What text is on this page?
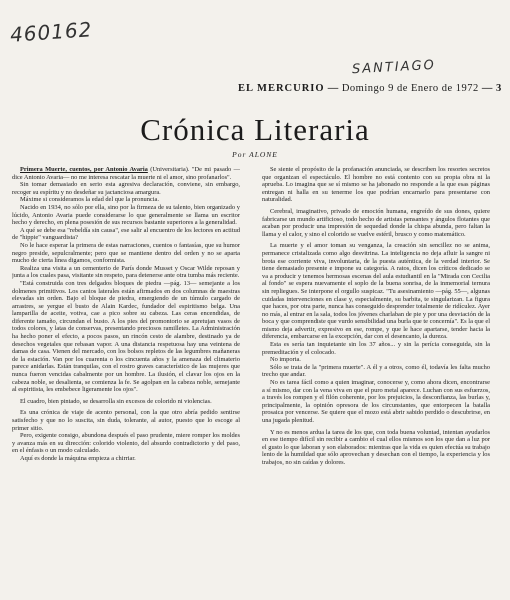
460162
SANTIAGO
EL MERCURIO — Domingo 9 de Enero de 1972 — 3
Crónica Literaria
Por ALONE

Primera Muerte, cuentos, por Antonio Avaria (Universitaria). "De mi pasado —dice Antonio Avaria— no me interesa rescatar la muerte ni el amor, sino profanarlos".

Sin tomar demasiado en serio esta agresiva declaración, conviene, sin embargo, recoger su espíritu y no desdeñar su jactanciosa amargura.

Máxime si consideramos la edad del que la pronuncia.

Nacido en 1934, no sólo por ella, sino por la firmeza de su talento, bien organizado y lúcido, Antonio Avaria puede considerarse lo que generalmente se llama un escritor hecho y derecho, en plena posesión de sus recursos bastante superiores a la generalidad.

A qué se debe esa "rebeldía sin causa", ese salir al encuentro de los lectores en actitud de "hippie" vanguardista?

No le hace esperar la primera de estas narraciones, cuentos o fantasías, que su humor negro preside, sepulcralmente; pero que se mantiene dentro del orden y no se aparta mucho de cierta línea digamos, conformista.

Realiza una visita a un cementerio de París donde Musset y Oscar Wilde reposan y junta a los cuales pasa, visitante sin respeto, para detenerse ante otra tumba más reciente.

"Está construida con tres delgados bloques de piedra —pág. 13— semejante a los dolmenes primitivos. Los cantos laterales están afirmados en dos columnas de maestras elevadas sin orden. Bajo el bloque de piedra, emergiendo de un túmulo cargado de arrastres, se yergue el busto de Alain Kardec, fundador del espiritismo belga. Una lamparilla de aceite, votiva, cae a pico sobre su cabeza. Las ceras encendidas, de diferente tamaño, circundan el busto. A los pies del promontorio se apretujan vasos de todos colores, y latas de conservas, presentando preciosos ramilletes. La Administración ha hecho poner el efecto, a pocos pasos, un rincón cesto de alambre, destinado ya de desechos vegetales que rebasan vapor. A una distancia respetuosa hay una veintena de damas de casa. Vienen del mercado, con los bolsos repletos de las legumbres mañaneras de la estación. Van por los cuarenta o los cincuenta años y la amenaza del climaterio parece anidarlas. Están tranquilas, con el rostro graves característico de las mujeres que nunca fueron vencidas cabalmente por un hombre. La ilusión, el clavar los ojos en la cabeza noble, se desalienta, se comienza la fe. Se agolpan en la cabeza noble, semejante al espiritista, les embebece ligeramente los ojos".

El cuadro, bien pintado, se desarrolla sin excesos de colorido ni violencias.

Es una crónica de viaje de acento personal, con la que otro abría pedido sentirse satisfecho y que no lo suscita, sin duda, tolerante, al autor, puesto que lo escoge al primer sitio.

Pero, exigente consigo, abundona después el paso prudente, miere romper los moldes y avanza más en su dirección: colorido violento, del absurdo contradictorio y del paso, en el énfasis o un modo calculado.

Aquí es donde la máquina empieza a chirriar.

Se siente el propósito de la profanación anunciada, se describen los resortes secretos que organizan el espectáculo. El hombre no está contento con su propia obra ni la aprueba. Lo imagina que se sí mismo se ha jabonado no responde a la que esas páginas entregan ni halla en su tenerme los que podrían encarnarlo para presentarse con naturalidad.

Cerebral, imaginativo, privado de emoción humana, engreído de sus dones, quiere fabricarse un mundo artificioso, todo hecho de artistas pensantes y ángulos flotantes que acaban por producir una impresión de sequedad donde la chispa abunda, pero faltan la llama y el calor, y sino el colorido se vuelve estéril, brusco y como matemático.

La muerte y el amor toman su venganza, la creación sin sencillez no se anima, permanece cristalizada como algo desvitrina. La inteligencia no deja afluir la sangre ni brota ese corriente viva, involuntaria, de la puesta auténtica, de la verdad interior. Se tiene demasiado presente e impone su categoría. A ratos, dicen los críticos dedicado se va a producir y tenemos hermosas escenas del aula estudiantil en la "Mirada con Cecilia al fondo" se espera nuevamente el soplo de la buena sonrisa, de la inmemorial ternura sin repliegues. Se interpone el orgullo suspicaz. "Tu asesinamiento —pág. 55—, algunas cuidadas intervenciones en clase y, especialmente, su barbita, te singularizan. La figura que haces, por otra parte, nunca has conseguido desprender totalmente de ridículez. Ayer no más, al entrar en la sala, todos los jóvenes charlaban de pie y por una desviación de la boca y que comprendiste que vurdo sensibilidad una burla que te concernía". Es la que el mismo deja advertir, expresivo en ese, rompe, y que le hace apartarse, tender hacia la diferencia, embarcarse en la excepción, dar con el desencanto, la dureza.

Esta es sería tan inquietante sin los 37 años... y sin la perícia conseguida, sin la premeditación y el colocado.

No importa.

Sólo se trata de la "primera muerte". A él y a otros, como él, todavía les falta mucho trecho que andar.

No es tarea fácil como a quien imaginar, conocerse y, como ahora dicen, encontrarse a sí mismo, dar con la vena viva en que el puro metal aparece. Luchan con sus esfuerzos, a través los rompen y el filón coherente, por los prejuicios, la desconfianza, las burlas y, principalmente, la opinión opresora de los circunstantes, que entorpecen la batalla prosaica por vencerse. Se quiere que el mozo está abrir sabido perdido o descubrirse, en una jugada plenitud.

Y no es menos ardua la tarea de los que, con toda buena voluntad, intentan ayudarlos en ese tiempo difícil sin recibir a cambio el cual ellos mismos son los que dan a luz por el gusto lo que laboran y son elaborados: mientras que la vida es quien efectúa su trabajo lento de la humildad que sólo aprovechan y desechan con el tiempo, la experiencia y los trabajos, no sin caídas y dolores.
